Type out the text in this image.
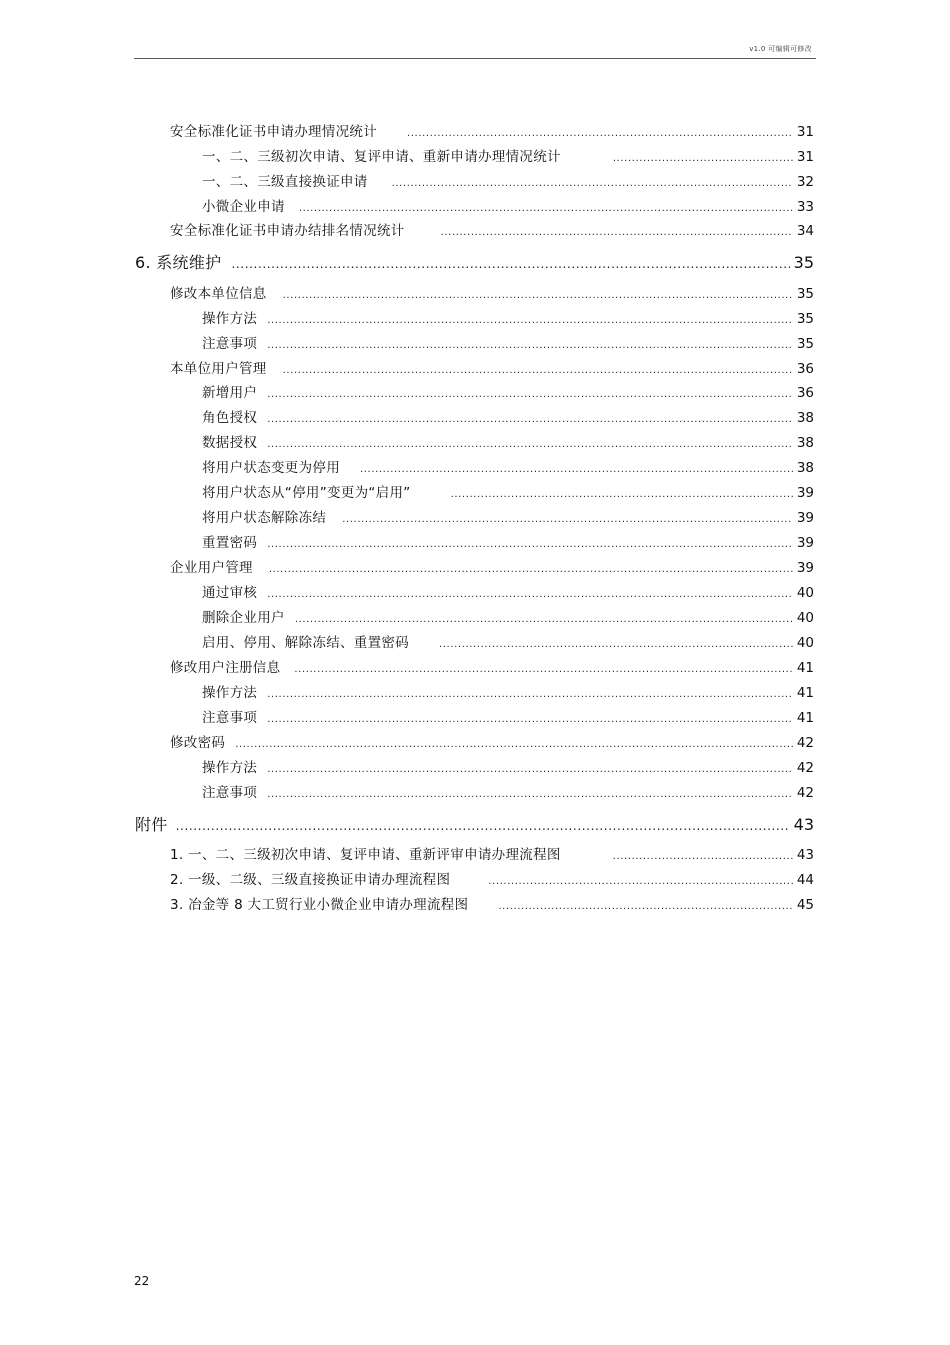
v1.0 可编辑可修改
安全标准化证书申请办理情况统计 .....	31
一、二、三级初次申请、复评申请、重新申请办理情况统计 .....	31
一、二、三级直接换证申请 .....	32
小微企业申请 .....	33
安全标准化证书申请办结排名情况统计 .....	34
6. 系统维护 .....	35
修改本单位信息 .....	35
操作方法 .....	35
注意事项 .....	35
本单位用户管理 .....	36
新增用户 .....	36
角色授权 .....	38
数据授权 .....	38
将用户状态变更为停用 .....	38
将用户状态从“停用”变更为“启用” .....	39
将用户状态解除冻结 .....	39
重置密码 .....	39
企业用户管理 .....	39
通过审核 .....	40
删除企业用户 .....	40
启用、停用、解除冻结、重置密码 .....	40
修改用户注册信息 .....	41
操作方法 .....	41
注意事项 .....	41
修改密码 .....	42
操作方法 .....	42
注意事项 .....	42
附件 .....	43
1. 一、二、三级初次申请、复评申请、重新评审申请办理流程图 .....	43
2. 一级、二级、三级直接换证申请办理流程图 .....	44
3. 冶金等 8 大工贸行业小微企业申请办理流程图 .....	45
22
